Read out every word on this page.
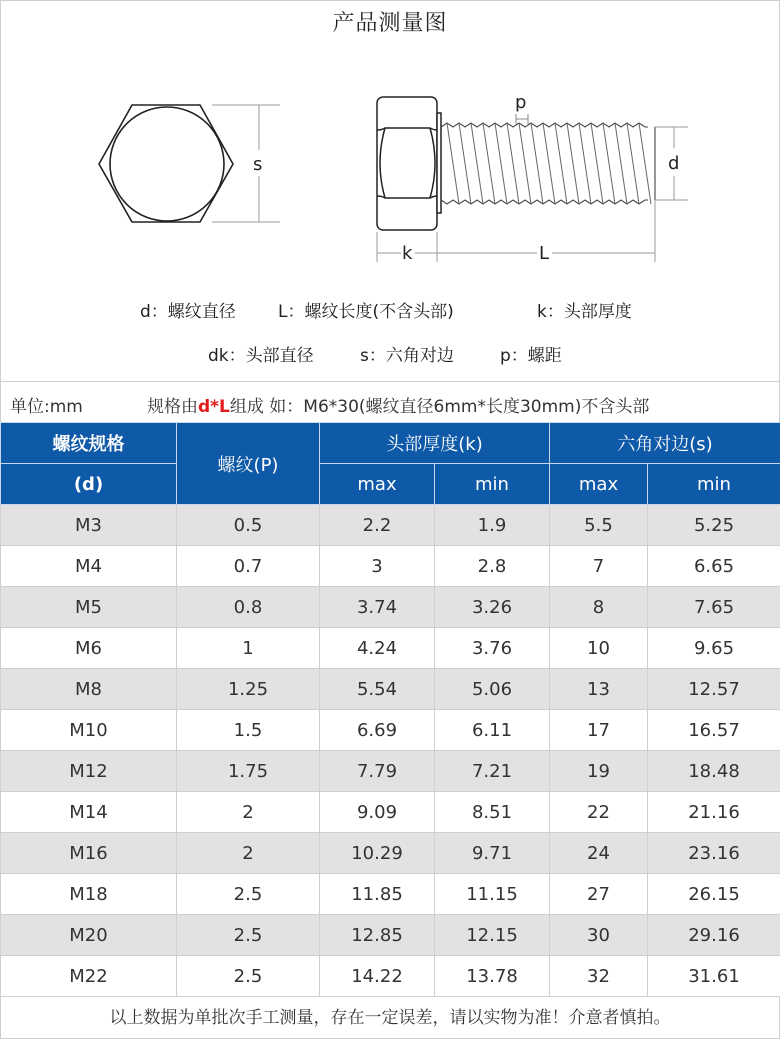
产品测量图
s
p
d
k	L
d：螺纹直径 L：螺纹长度(不含头部)	k：头部厚度
dk：头部直径	s：六角对边	p：螺距
单位:mm	规格由d*L组成 如：M6*30(螺纹直径6mm*长度30mm)不含头部
螺纹规格	螺纹(P)	头部厚度(k)		六角对边(s)	
(d)		max	min	max	min
M3	0.5	2.2	1.9	5.5	5.25
M4	0.7	3	2.8	7	6.65
M5	0.8	3.74	3.26	8	7.65
M6	1	4.24	3.76	10	9.65
M8	1.25	5.54	5.06	13	12.57
M10	1.5	6.69	6.11	17	16.57
M12	1.75	7.79	7.21	19	18.48
M14	2	9.09	8.51	22	21.16
M16	2	10.29	9.71	24	23.16
M18	2.5	11.85	11.15	27	26.15
M20	2.5	12.85	12.15	30	29.16
M22	2.5	14.22	13.78	32	31.61
以上数据为单批次手工测量，存在一定误差，请以实物为准！介意者慎拍。
